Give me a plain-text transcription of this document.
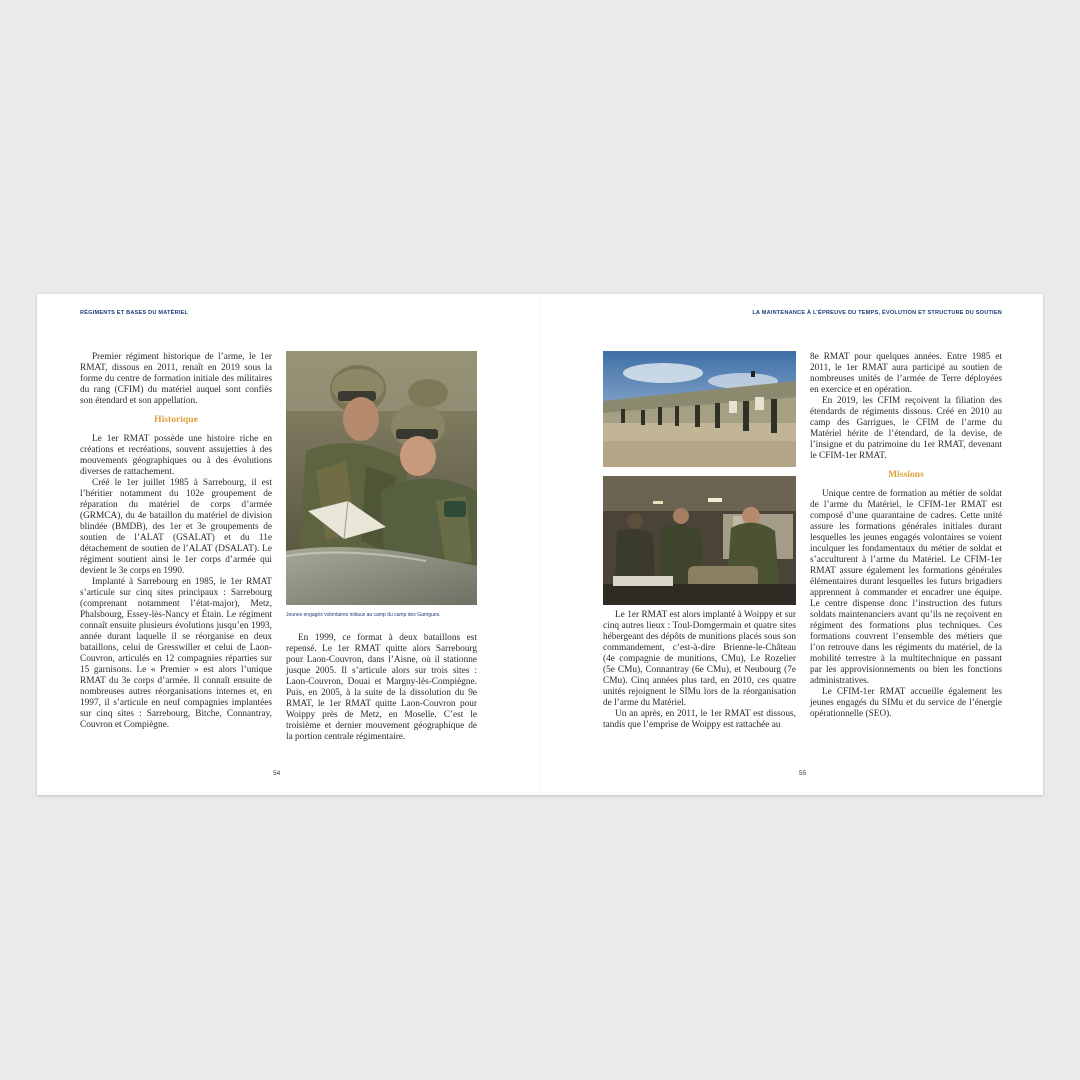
RÉGIMENTS ET BASES DU MATÉRIEL	LA MAINTENANCE À L’ÉPREUVE DU TEMPS, ÉVOLUTION ET STRUCTURE DU SOUTIEN

Premier régiment historique de l’arme, le 1er RMAT, dissous en 2011, renaît en 2019 sous la forme du centre de formation initiale des militaires du rang (CFIM) du matériel auquel sont confiés son étendard et son appellation.

Historique

Le 1er RMAT possède une histoire riche en créations et recréations, souvent assujetties à des mouvements géographiques ou à des évolutions diverses de rattachement.

Créé le 1er juillet 1985 à Sarrebourg, il est l’héritier notamment du 102e groupement de réparation du matériel de corps d’armée (GRMCA), du 4e bataillon du matériel de division blindée (BMDB), des 1er et 3e groupements de soutien de l’ALAT (GSALAT) et du 11e détachement de soutien de l’ALAT (DSALAT). Le régiment soutient ainsi le 1er corps d’armée qui devient le 3e corps en 1990.

Implanté à Sarrebourg en 1985, le 1er RMAT s’articule sur cinq sites principaux : Sarrebourg (comprenant notamment l’état-major), Metz, Phalsbourg, Essey-lès-Nancy et Étain. Le régiment connaît ensuite plusieurs évolutions jusqu’en 1993, année durant laquelle il se réorganise en deux bataillons, celui de Gresswiller et celui de Laon-Couvron, articulés en 12 compagnies réparties sur 15 garnisons. Le « Premier » est alors l’unique RMAT du 3e corps d’armée. Il connaît ensuite de nombreuses autres réorganisations internes et, en 1997, il s’articule en neuf compagnies implantées sur cinq sites : Sarrebourg, Bitche, Connantray, Couvron et Compiègne.

Jeunes engagés volontaires initiaux au camp du camp des Garrigues.

En 1999, ce format à deux bataillons est repensé. Le 1er RMAT quitte alors Sarrebourg pour Laon-Couvron, dans l’Aisne, où il stationne jusque 2005. Il s’articule alors sur trois sites : Laon-Couvron, Douai et Margny-lès-Compiègne. Puis, en 2005, à la suite de la dissolution du 9e RMAT, le 1er RMAT quitte Laon-Couvron pour Woippy près de Metz, en Moselle. C’est le troisième et dernier mouvement géographique de la portion centrale régimentaire.

54

Le 1er RMAT est alors implanté à Woippy et sur cinq autres lieux : Toul-Domgermain et quatre sites hébergeant des dépôts de munitions placés sous son commandement, c’est-à-dire Brienne-le-Château (4e compagnie de munitions, CMu), Le Rozelier (5e CMu), Connantray (6e CMu), et Neubourg (7e CMu). Cinq années plus tard, en 2010, ces quatre unités rejoignent le SIMu lors de la réorganisation de l’arme du Matériel.

Un an après, en 2011, le 1er RMAT est dissous, tandis que l’emprise de Woippy est rattachée au

8e RMAT pour quelques années. Entre 1985 et 2011, le 1er RMAT aura participé au soutien de nombreuses unités de l’armée de Terre déployées en exercice et en opération.

En 2019, les CFIM reçoivent la filiation des étendards de régiments dissous. Créé en 2010 au camp des Garrigues, le CFIM de l’arme du Matériel hérite de l’étendard, de la devise, de l’insigne et du patrimoine du 1er RMAT, devenant le CFIM-1er RMAT.

Missions

Unique centre de formation au métier de soldat de l’arme du Matériel, le CFIM-1er RMAT est composé d’une quarantaine de cadres. Cette unité assure les formations générales initiales durant lesquelles les jeunes engagés volontaires se voient inculquer les fondamentaux du métier de soldat et s’acculturent à l’arme du Matériel. Le CFIM-1er RMAT assure également les formations générales élémentaires durant lesquelles les futurs brigadiers apprennent à commander et encadrer une équipe. Le centre dispense donc l’instruction des futurs soldats maintenanciers avant qu’ils ne reçoivent en régiment des formations plus techniques. Ces formations couvrent l’ensemble des métiers que l’on retrouve dans les régiments du matériel, de la mobilité terrestre à la multitechnique en passant par les approvisionnements ou bien les fonctions administratives.

Le CFIM-1er RMAT accueille également les jeunes engagés du SIMu et du service de l’énergie opérationnelle (SEO).

55
